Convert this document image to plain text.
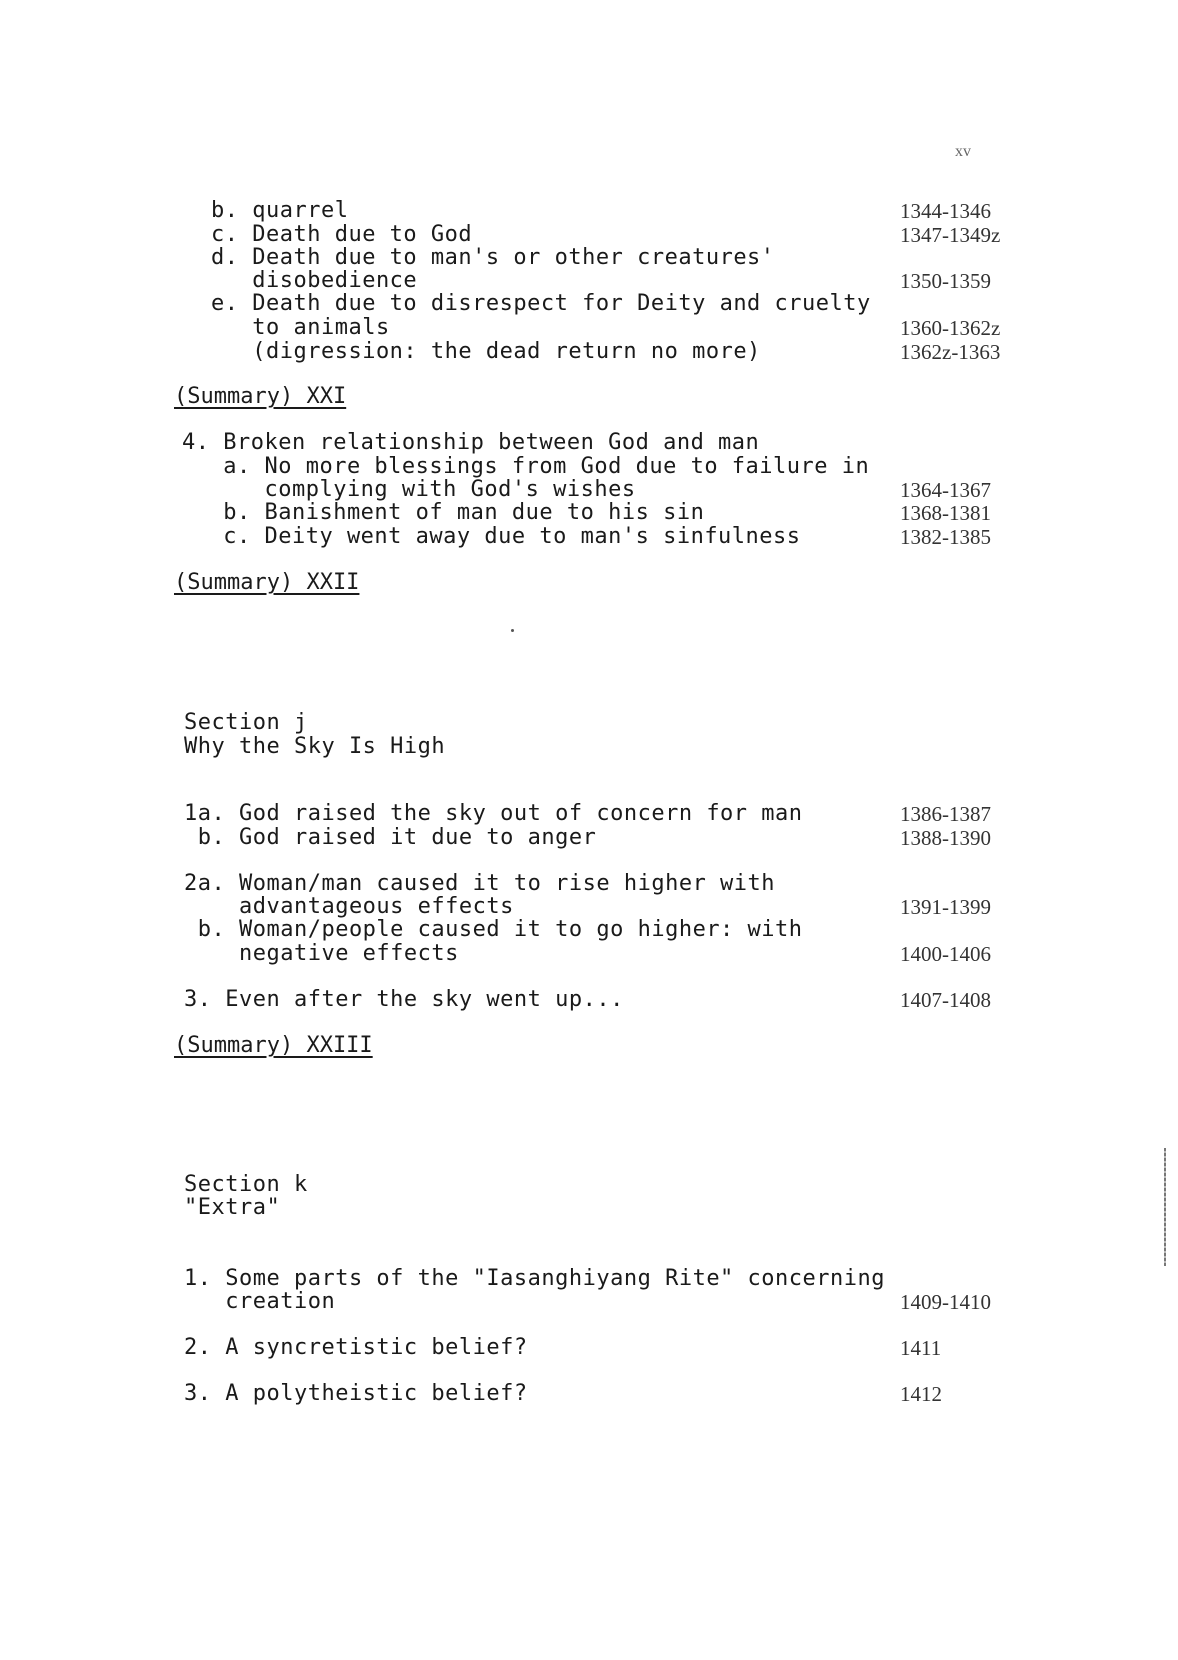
xv
b. quarrel	1344-1346
c. Death due to God	1347-1349z
d. Death due to man's or other creatures'
disobedience	1350-1359
e. Death due to disrespect for Deity and cruelty
to animals	1360-1362z
(digression: the dead return no more)	1362z-1363
(Summary) XXI
4. Broken relationship between God and man
a. No more blessings from God due to failure in
complying with God's wishes	1364-1367
b. Banishment of man due to his sin	1368-1381
c. Deity went away due to man's sinfulness	1382-1385
(Summary) XXII
Section j
Why the Sky Is High
1a. God raised the sky out of concern for man	1386-1387
b. God raised it due to anger	1388-1390
2a. Woman/man caused it to rise higher with
advantageous effects	1391-1399
b. Woman/people caused it to go higher: with
negative effects	1400-1406
3. Even after the sky went up...	1407-1408
(Summary) XXIII
Section k
"Extra"
1. Some parts of the "Iasanghiyang Rite" concerning
creation	1409-1410
2. A syncretistic belief?	1411
3. A polytheistic belief?	1412
